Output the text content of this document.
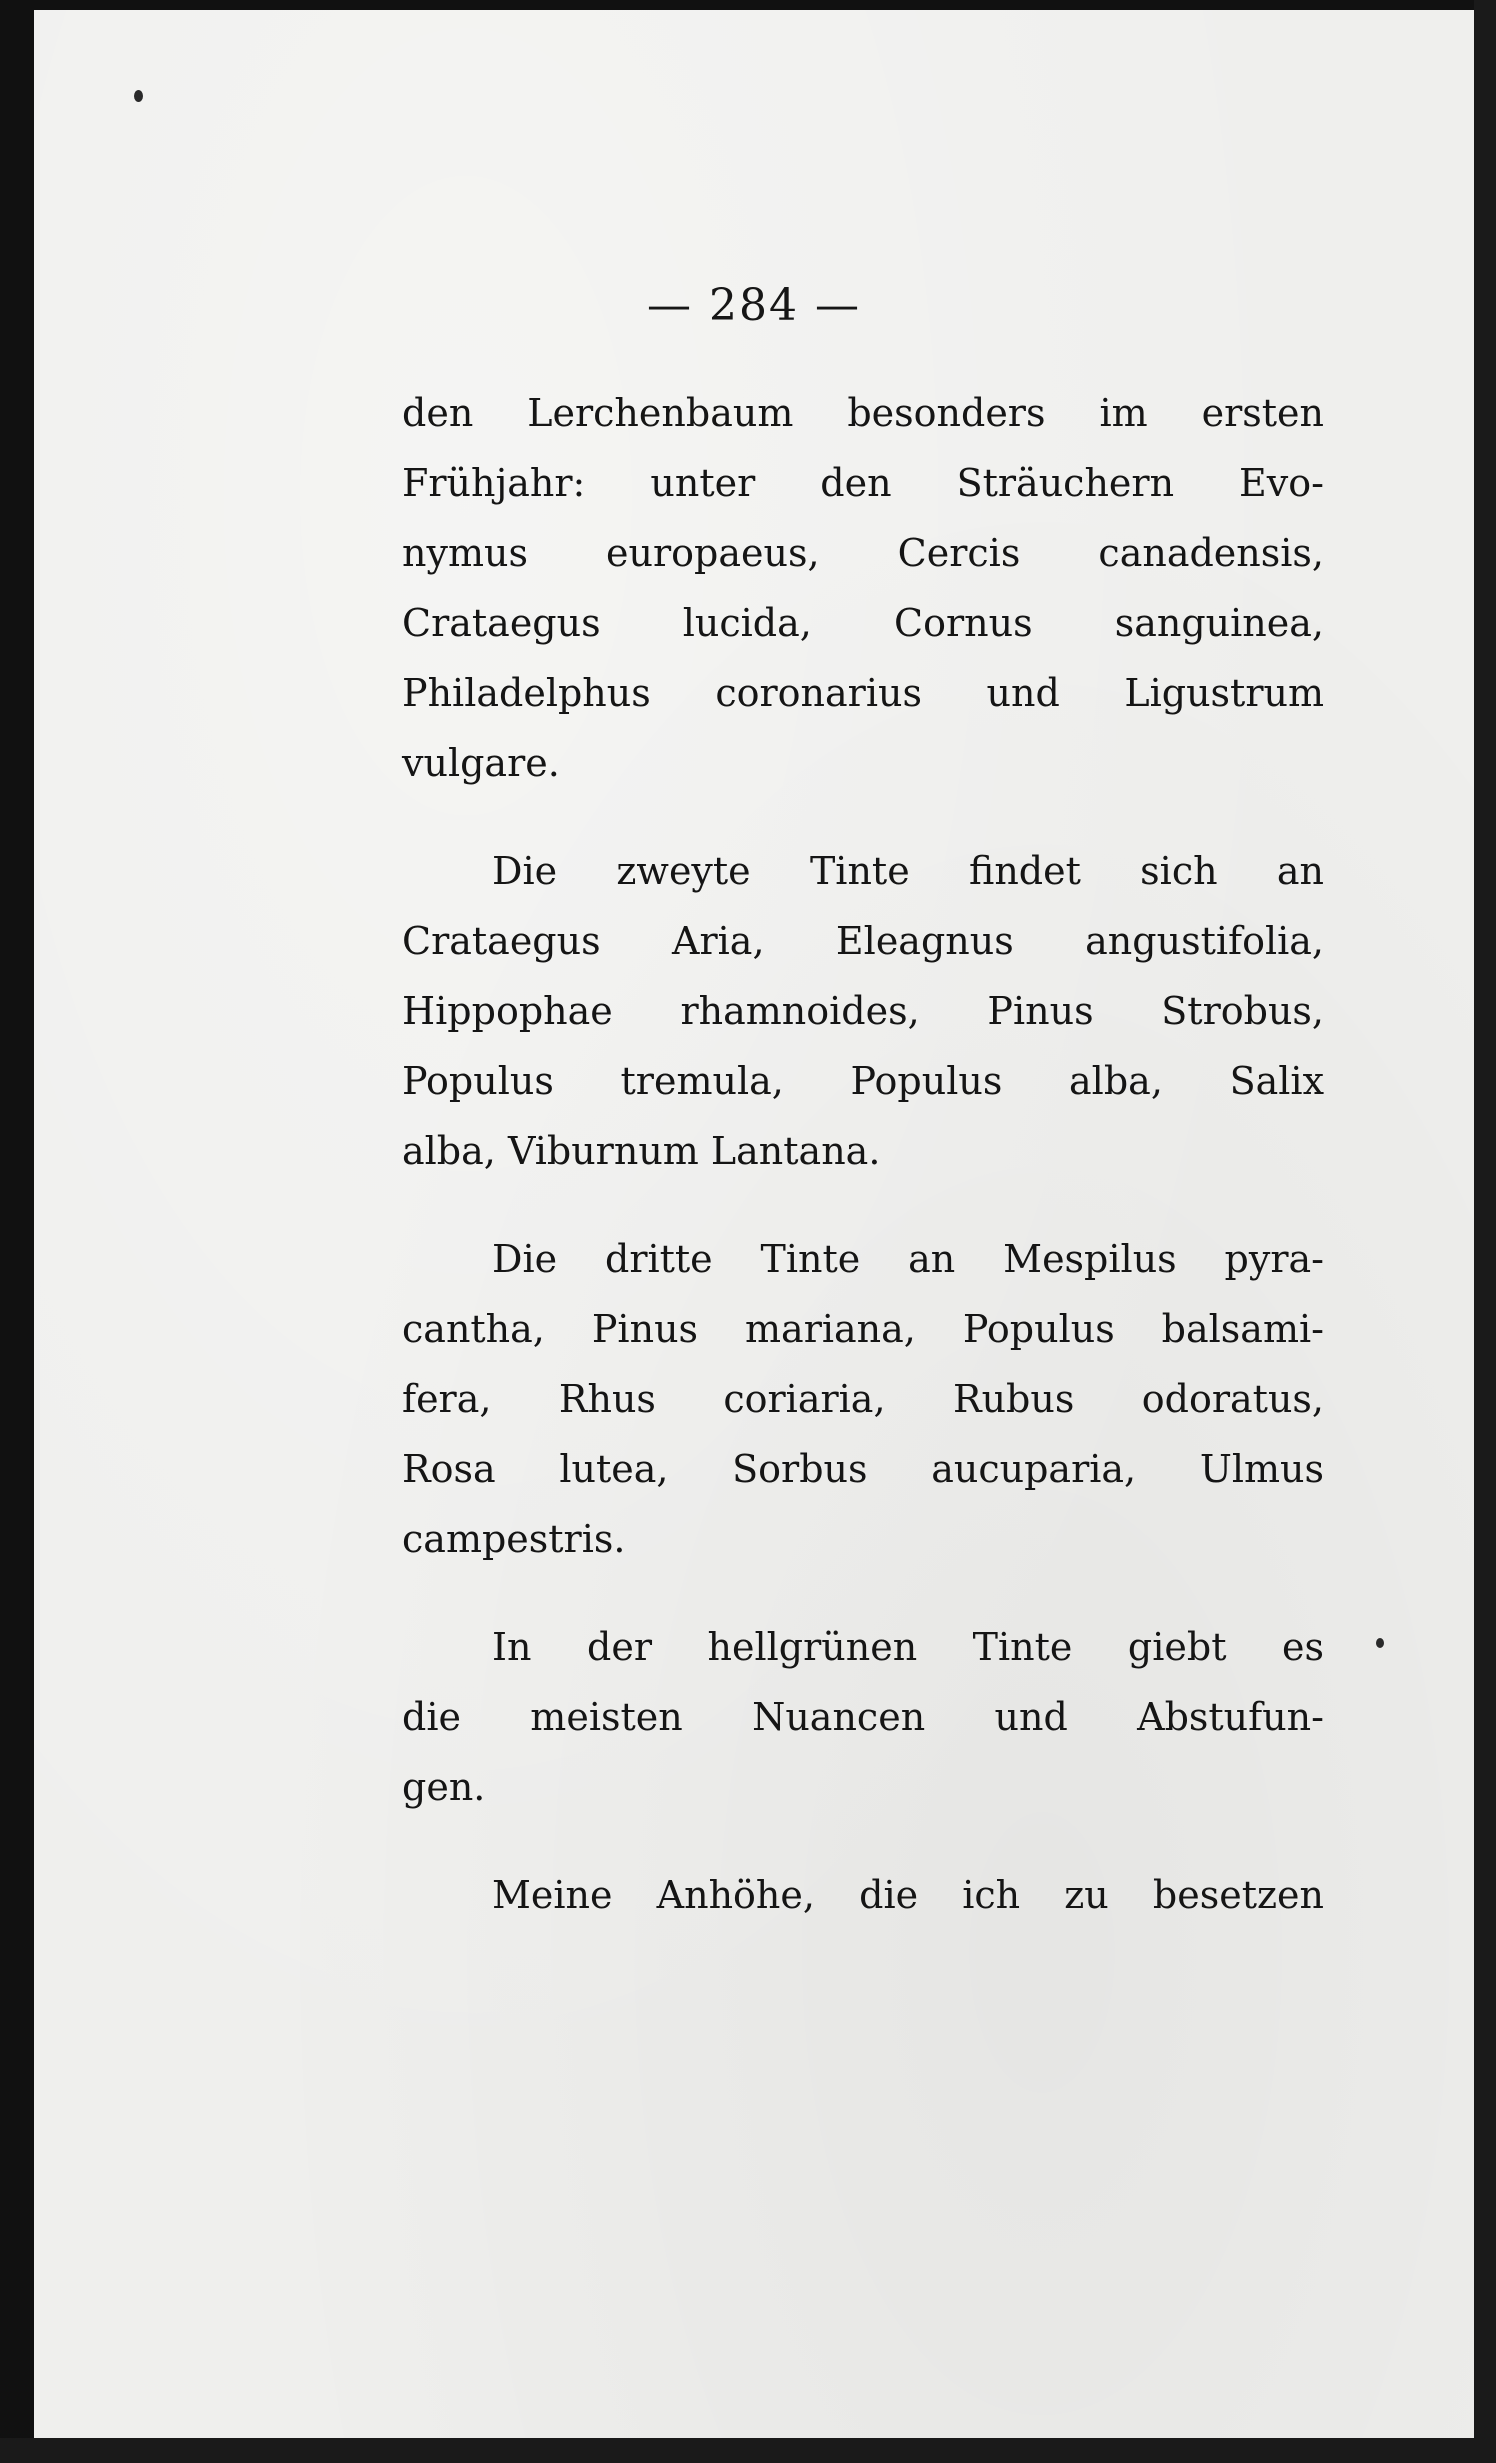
— 284 —
den Lerchenbaum besonders im ersten
Frühjahr: unter den Sträuchern Evo-
nymus europaeus, Cercis canadensis,
Crataegus lucida, Cornus sanguinea,
Philadelphus coronarius und Ligustrum
vulgare.
Die zweyte Tinte findet sich an
Crataegus Aria, Eleagnus angustifolia,
Hippophae rhamnoides, Pinus Strobus,
Populus tremula, Populus alba, Salix
alba, Viburnum Lantana.
Die dritte Tinte an Mespilus pyra-
cantha, Pinus mariana, Populus balsami-
fera, Rhus coriaria, Rubus odoratus,
Rosa lutea, Sorbus aucuparia, Ulmus
campestris.
In der hellgrünen Tinte giebt es
die meisten Nuancen und Abstufun-
gen.
Meine Anhöhe, die ich zu besetzen
